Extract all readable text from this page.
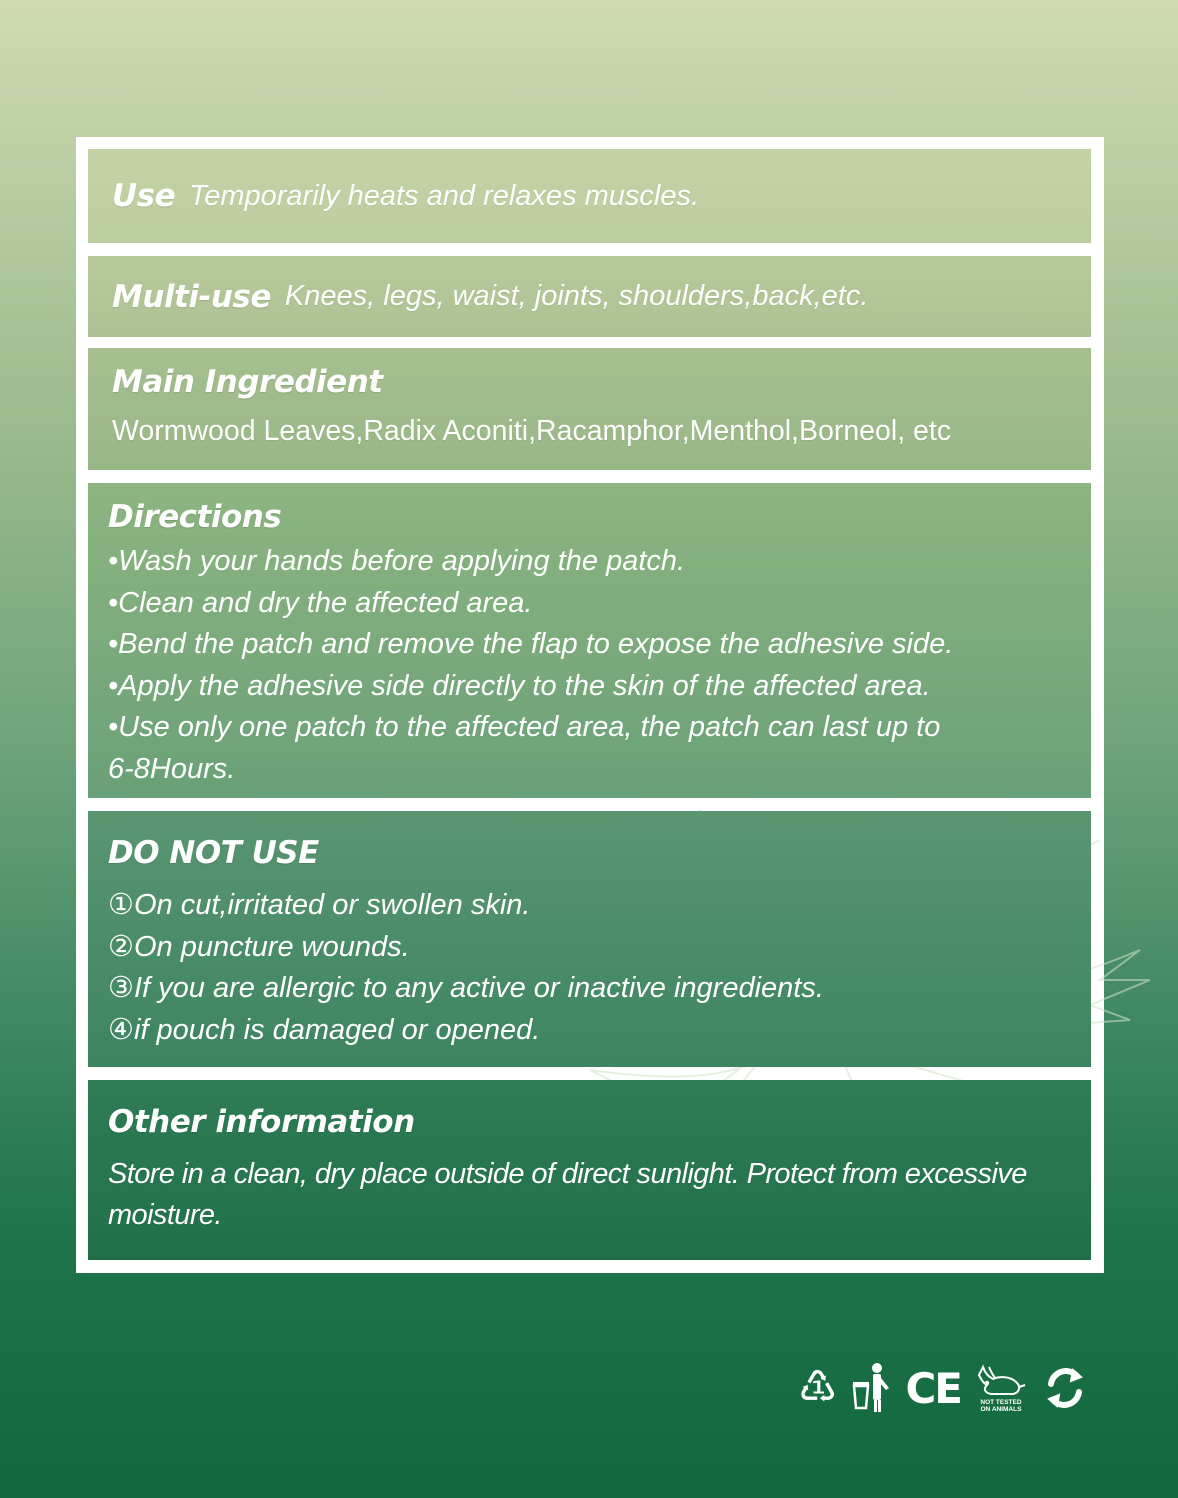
Use Temporarily heats and relaxes muscles.
Multi-use Knees, legs, waist, joints, shoulders,back,etc.
Main Ingredient
Wormwood Leaves,Radix Aconiti,Racamphor,Menthol,Borneol, etc
Directions
•Wash your hands before applying the patch.
•Clean and dry the affected area.
•Bend the patch and remove the flap to expose the adhesive side.
•Apply the adhesive side directly to the skin of the affected area.
•Use only one patch to the affected area, the patch can last up to
6-8Hours.
DO NOT USE
①On cut,irritated or swollen skin.
②On puncture wounds.
③If you are allergic to any active or inactive ingredients.
④if pouch is damaged or opened.
Other information
Store in a clean, dry place outside of direct sunlight. Protect from excessive moisture.
♳ CE	NOT TESTED
ON ANIMALS
